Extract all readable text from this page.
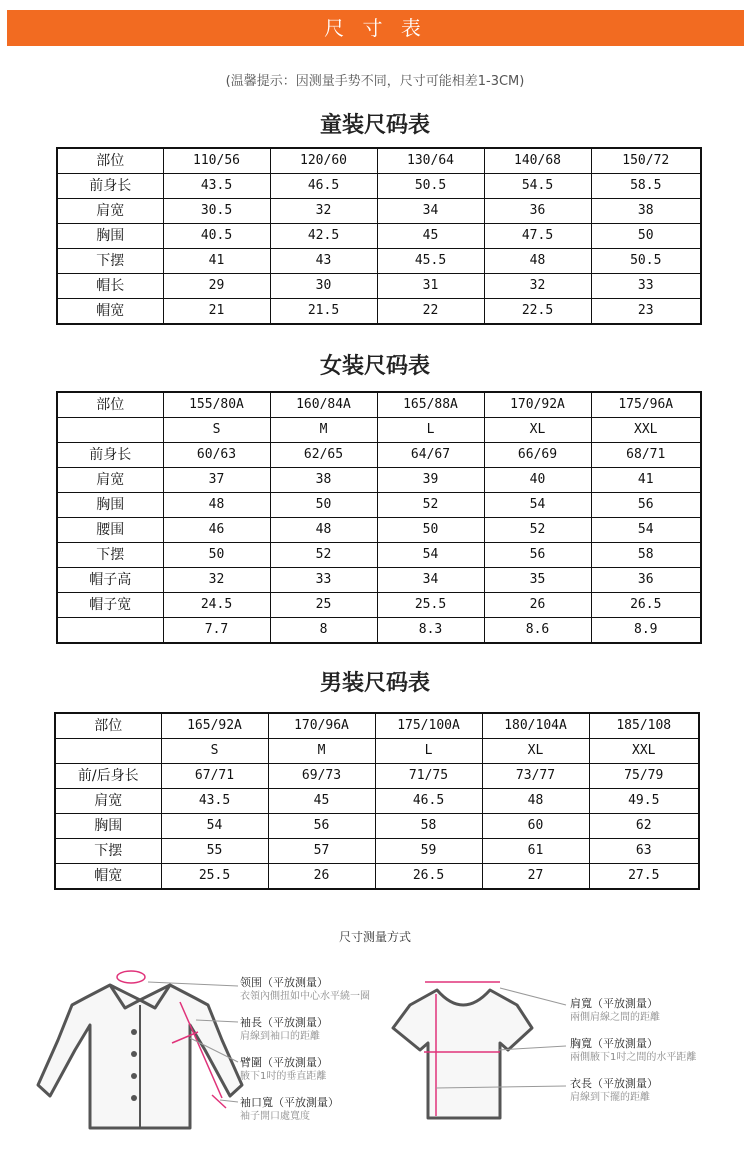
尺 寸 表
(温馨提示：因测量手势不同，尺寸可能相差1-3CM)
童装尺码表
部位	110/56	120/60	130/64	140/68	150/72
前身长	43.5	46.5	50.5	54.5	58.5
肩宽	30.5	32	34	36	38
胸围	40.5	42.5	45	47.5	50
下摆	41	43	45.5	48	50.5
帽长	29	30	31	32	33
帽宽	21	21.5	22	22.5	23
女装尺码表
部位	155/80A	160/84A	165/88A	170/92A	175/96A
	S	M	L	XL	XXL
前身长	60/63	62/65	64/67	66/69	68/71
肩宽	37	38	39	40	41
胸围	48	50	52	54	56
腰围	46	48	50	52	54
下摆	50	52	54	56	58
帽子高	32	33	34	35	36
帽子宽	24.5	25	25.5	26	26.5
	7.7	8	8.3	8.6	8.9
男装尺码表
部位	165/92A	170/96A	175/100A	180/104A	185/108
	S	M	L	XL	XXL
前/后身长	67/71	69/73	71/75	73/77	75/79
肩宽	43.5	45	46.5	48	49.5
胸围	54	56	58	60	62
下摆	55	57	59	61	63
帽宽	25.5	26	26.5	27	27.5
尺寸测量方式
领围（平放测量）
衣領內側扭如中心水平繞一圈
袖長（平放測量）
肩線到袖口的距離
臂圍（平放測量）
腋下1吋的垂直距離
袖口寬（平放測量）
袖子開口處寬度
肩寬（平放測量）
兩側肩線之間的距離
胸寬（平放測量）
兩側腋下1吋之間的水平距離
衣長（平放測量）
肩線到下擺的距離
